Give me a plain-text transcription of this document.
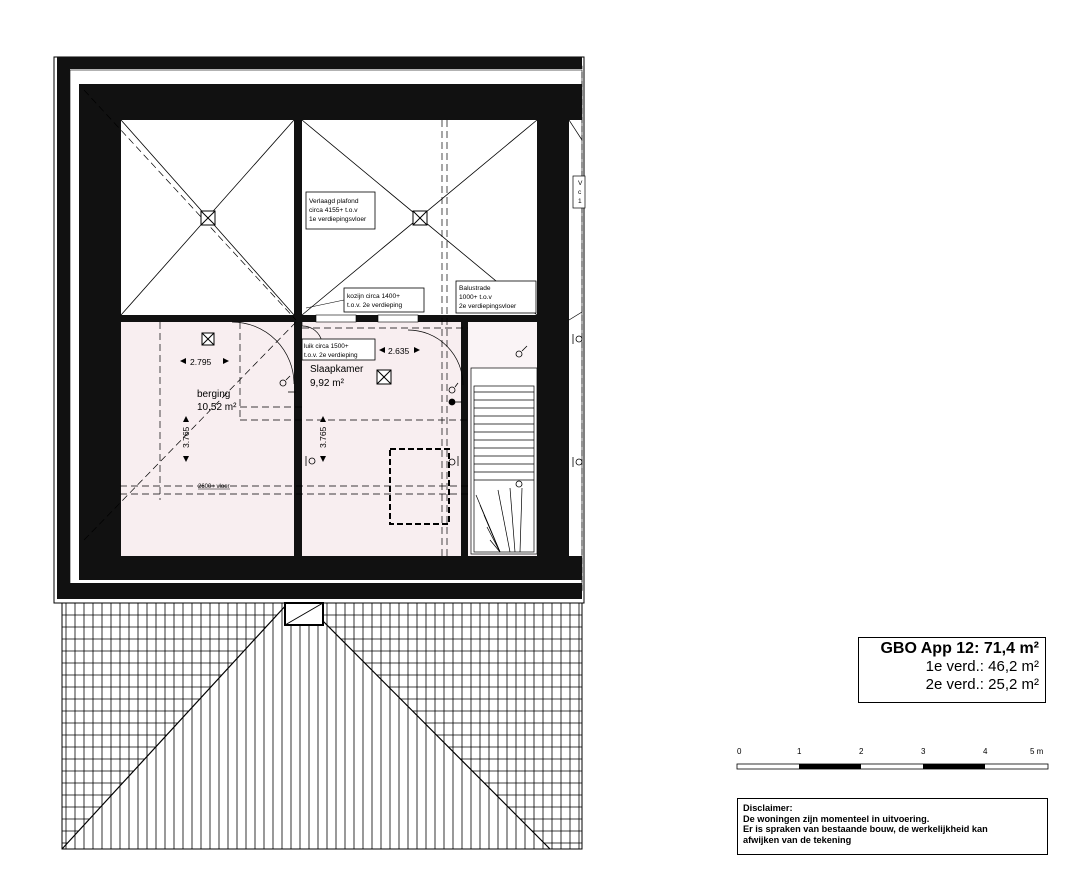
Verlaagd plafond
circa 4155+ t.o.v
1e verdiepingsvloer
kozijn circa 1400+
t.o.v. 2e verdieping
Balustrade
1000+ t.o.v
2e verdiepingsvloer
luik circa 1500+
t.o.v. 2e verdieping
V
c
1
berging
10,52 m²
Slaapkamer
9,92 m²
2.795
2.635
3.765	3.765
2600+ vloer
0	1	2	3	4	5 m
GBO App 12: 71,4 m²
1e verd.: 46,2 m²
2e verd.: 25,2 m²
Disclaimer:
De woningen zijn momenteel in uitvoering.
Er is spraken van bestaande bouw, de werkelijkheid kan
afwijken van de tekening
